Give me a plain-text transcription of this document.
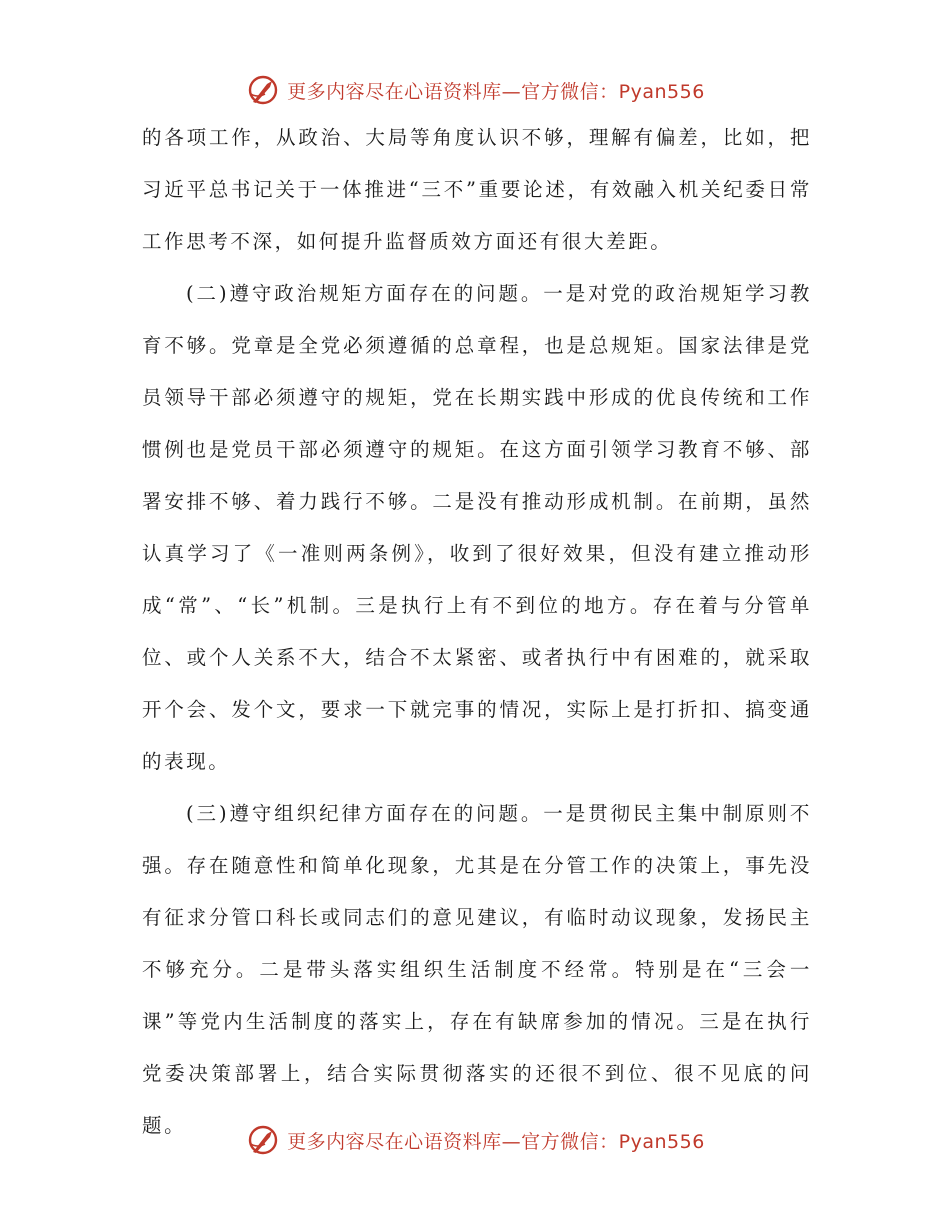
更多内容尽在心语资料库—官方微信：Pyan556

的各项工作，从政治、大局等角度认识不够，理解有偏差，比如，把习近平总书记关于一体推进“三不”重要论述，有效融入机关纪委日常工作思考不深，如何提升监督质效方面还有很大差距。

(二)遵守政治规矩方面存在的问题。一是对党的政治规矩学习教育不够。党章是全党必须遵循的总章程，也是总规矩。国家法律是党员领导干部必须遵守的规矩，党在长期实践中形成的优良传统和工作惯例也是党员干部必须遵守的规矩。在这方面引领学习教育不够、部署安排不够、着力践行不够。二是没有推动形成机制。在前期，虽然认真学习了《一准则两条例》，收到了很好效果，但没有建立推动形成“常”、“长”机制。三是执行上有不到位的地方。存在着与分管单位、或个人关系不大，结合不太紧密、或者执行中有困难的，就采取开个会、发个文，要求一下就完事的情况，实际上是打折扣、搞变通的表现。

(三)遵守组织纪律方面存在的问题。一是贯彻民主集中制原则不强。存在随意性和简单化现象，尤其是在分管工作的决策上，事先没有征求分管口科长或同志们的意见建议，有临时动议现象，发扬民主不够充分。二是带头落实组织生活制度不经常。特别是在“三会一课”等党内生活制度的落实上，存在有缺席参加的情况。三是在执行党委决策部署上，结合实际贯彻落实的还很不到位、很不见底的问题。

更多内容尽在心语资料库—官方微信：Pyan556
